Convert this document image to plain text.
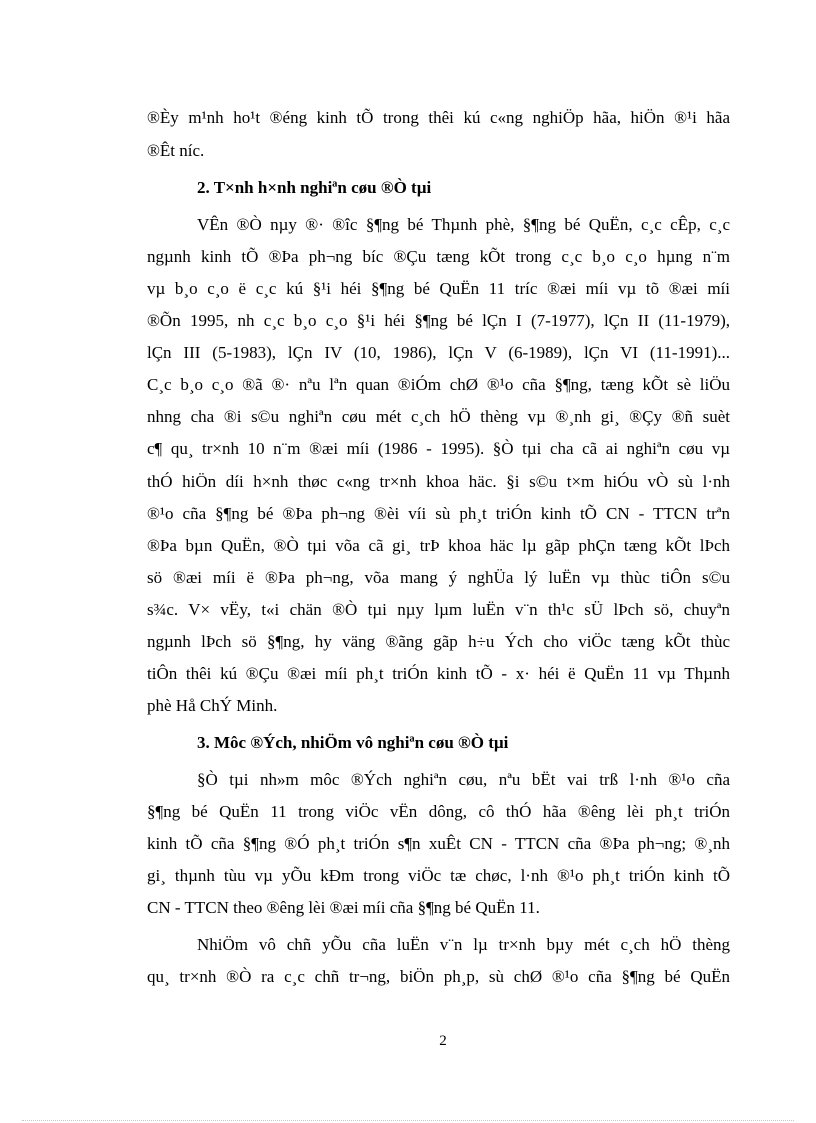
®Èy m¹nh ho¹t ®éng kinh tÕ trong thêi kú c«ng nghiÖp hãa, hiÖn ®¹i hãa
®Êt níc.
2. T×nh h×nh nghiªn cøu ®Ò tµi
VÊn ®Ò nµy ®· ®îc §¶ng bé Thµnh phè, §¶ng bé QuËn, c¸c cÊp, c¸c
ngµnh kinh tÕ ®Þa ph¬ng bíc ®Çu tæng kÕt trong c¸c b¸o c¸o hµng n¨m
vµ b¸o c¸o ë c¸c kú §¹i héi §¶ng bé QuËn 11 tríc ®æi míi vµ tõ ®æi míi
®Õn 1995, nh c¸c b¸o c¸o §¹i héi §¶ng bé lÇn I (7-1977), lÇn II (11-1979),
lÇn III (5-1983), lÇn IV (10, 1986), lÇn V (6-1989), lÇn VI (11-1991)...
C¸c b¸o c¸o ®ã ®· nªu lªn quan ®iÓm chØ ®¹o cña §¶ng, tæng kÕt sè liÖu
nhng cha ®i s©u nghiªn cøu mét c¸ch hÖ thèng vµ ®¸nh gi¸ ®Çy ®ñ suèt
c¶ qu¸ tr×nh 10 n¨m ®æi míi (1986 - 1995). §Ò tµi cha cã ai nghiªn cøu vµ
thÓ hiÖn díi h×nh thøc c«ng tr×nh khoa häc. §i s©u t×m hiÓu vÒ sù l·nh
®¹o cña §¶ng bé ®Þa ph¬ng ®èi víi sù ph¸t triÓn kinh tÕ CN - TTCN trªn
®Þa bµn QuËn, ®Ò tµi võa cã gi¸ trÞ khoa häc lµ gãp phÇn tæng kÕt lÞch
sö ®æi míi ë ®Þa ph¬ng, võa mang ý nghÜa lý luËn vµ thùc tiÔn s©u
s¾c. V× vËy, t«i chän ®Ò tµi nµy lµm luËn v¨n th¹c sÜ lÞch sö, chuyªn
ngµnh lÞch sö §¶ng, hy väng ®ãng gãp h÷u Ých cho viÖc tæng kÕt thùc
tiÔn thêi kú ®Çu ®æi míi ph¸t triÓn kinh tÕ - x· héi ë QuËn 11 vµ Thµnh
phè Hå ChÝ Minh.
3. Môc ®Ých, nhiÖm vô nghiªn cøu ®Ò tµi
§Ò tµi nh»m môc ®Ých nghiªn cøu, nªu bËt vai trß l·nh ®¹o cña
§¶ng bé QuËn 11 trong viÖc vËn dông, cô thÓ hãa ®êng lèi ph¸t triÓn
kinh tÕ cña §¶ng ®Ó ph¸t triÓn s¶n xuÊt CN - TTCN cña ®Þa ph¬ng; ®¸nh
gi¸ thµnh tùu vµ yÕu kÐm trong viÖc tæ chøc, l·nh ®¹o ph¸t triÓn kinh tÕ
CN - TTCN theo ®êng lèi ®æi míi cña §¶ng bé QuËn 11.
NhiÖm vô chñ yÕu cña luËn v¨n lµ tr×nh bµy mét c¸ch hÖ thèng
qu¸ tr×nh ®Ò ra c¸c chñ tr¬ng, biÖn ph¸p, sù chØ ®¹o cña §¶ng bé QuËn
2
